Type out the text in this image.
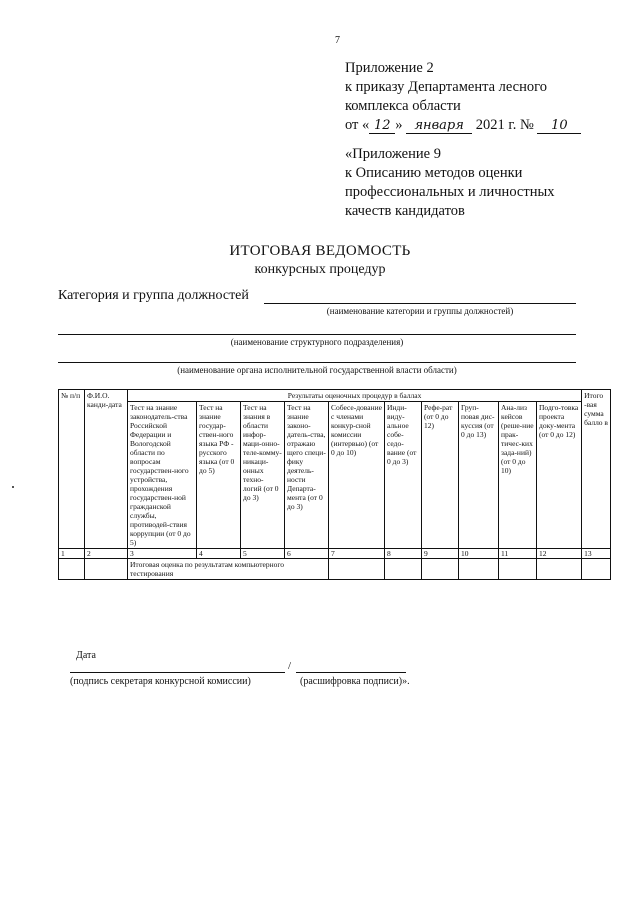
7
Приложение 2
к приказу Департамента лесного
комплекса области
от « 12 » января 2021 г. № 10
«Приложение 9
к Описанию методов оценки
профессиональных и личностных
качеств кандидатов
ИТОГОВАЯ ВЕДОМОСТЬ
конкурсных процедур
Категория и группа должностей
(наименование категории и группы должностей)
(наименование структурного подразделения)
(наименование органа исполнительной государственной власти области)
№ п/п	Ф.И.О. канди-дата	Результаты оценочных процедур в баллах										Итого -вая сумма балло в
		Тест на знание законодатель-ства Российской Федерации и Вологодской области по вопросам государствен-ного устройства, прохождения государствен-ной гражданской службы, противодей-ствия коррупции (от 0 до 5)	Тест на знание государ-ствен-ного языка РФ - русского языка (от 0 до 5)	Тест на знания в области инфор-маци-онно-теле-комму-никаци-онных техно-логий (от 0 до 3)	Тест на знание законо-датель-ства, отражаю щего специ-фику деятель-ности Департа-мента (от 0 до 3)	Собесе-дование с членами конкур-сной комиссии (интервью) (от 0 до 10)	Инди-виду-альное собе-седо-вание (от 0 до 3)	Рефе-рат (от 0 до 12)	Груп-повая дис-куссия (от 0 до 13)	Ана-лиз кейсов (реше-ние прак-тичес-ких зада-ний) (от 0 до 10)	Подго-товка проекта доку-мента (от 0 до 12)	
1	2	3	4	5	6	7	8	9	10	11	12	13
		Итоговая оценка по результатам компьютерного тестирования										
Дата
/
(подпись секретаря конкурсной комиссии)	(расшифровка подписи)».
